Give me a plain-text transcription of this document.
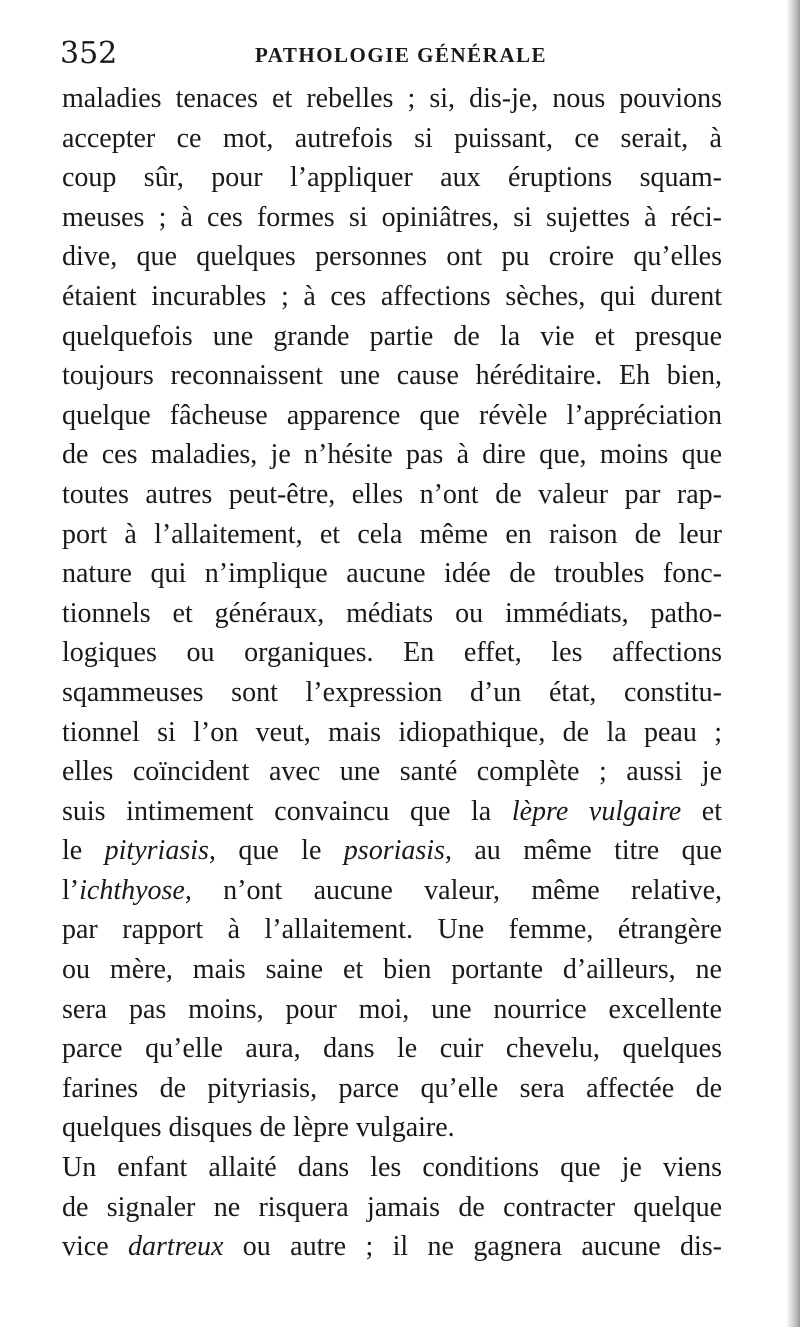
352	PATHOLOGIE GÉNÉRALE
maladies tenaces et rebelles ; si, dis-je, nous pouvions
accepter ce mot, autrefois si puissant, ce serait, à
coup sûr, pour l’appliquer aux éruptions squam-
meuses ; à ces formes si opiniâtres, si sujettes à réci-
dive, que quelques personnes ont pu croire qu’elles
étaient incurables ; à ces affections sèches, qui durent
quelquefois une grande partie de la vie et presque
toujours reconnaissent une cause héréditaire. Eh bien,
quelque fâcheuse apparence que révèle l’appréciation
de ces maladies, je n’hésite pas à dire que, moins que
toutes autres peut-être, elles n’ont de valeur par rap-
port à l’allaitement, et cela même en raison de leur
nature qui n’implique aucune idée de troubles fonc-
tionnels et généraux, médiats ou immédiats, patho-
logiques ou organiques. En effet, les affections
sqammeuses sont l’expression d’un état, constitu-
tionnel si l’on veut, mais idiopathique, de la peau ;
elles coïncident avec une santé complète ; aussi je
suis intimement convaincu que la lèpre vulgaire et
le pityriasis, que le psoriasis, au même titre que
l’ichthyose, n’ont aucune valeur, même relative,
par rapport à l’allaitement. Une femme, étrangère
ou mère, mais saine et bien portante d’ailleurs, ne
sera pas moins, pour moi, une nourrice excellente
parce qu’elle aura, dans le cuir chevelu, quelques
farines de pityriasis, parce qu’elle sera affectée de
quelques disques de lèpre vulgaire.
Un enfant allaité dans les conditions que je viens
de signaler ne risquera jamais de contracter quelque
vice dartreux ou autre ; il ne gagnera aucune dis-
